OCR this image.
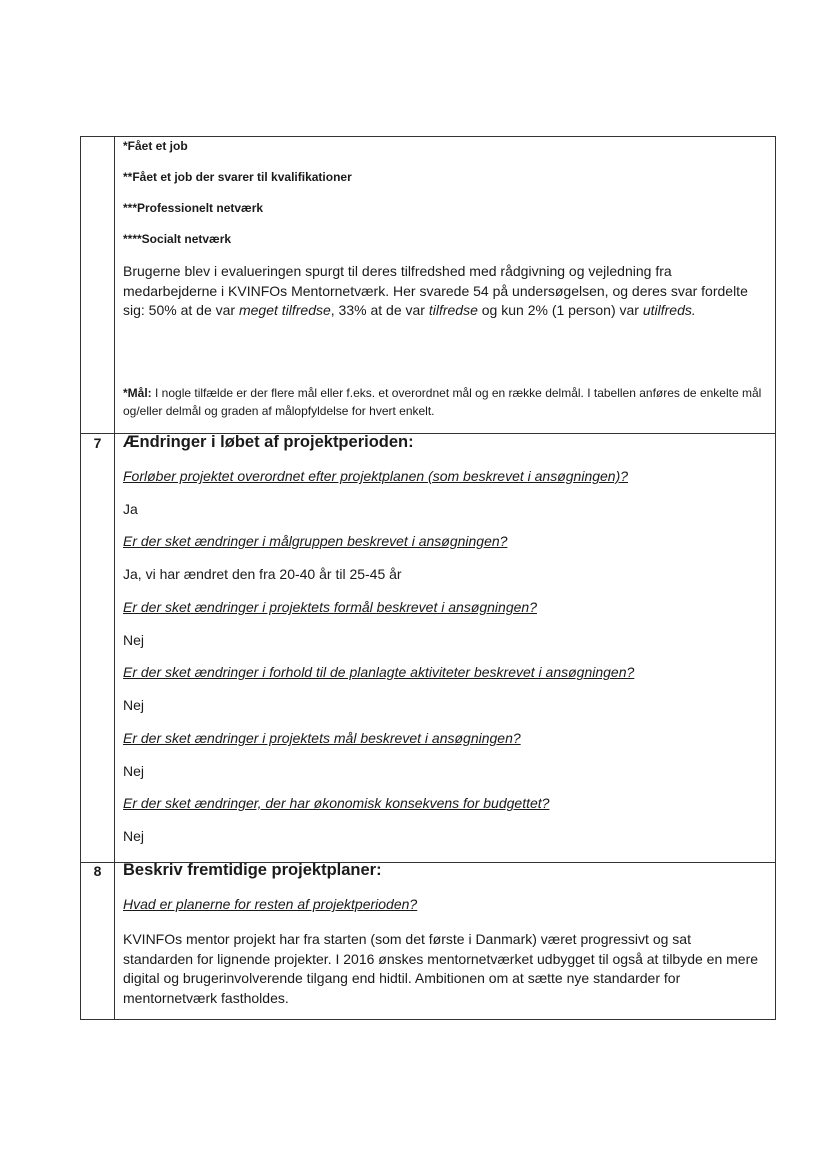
*Fået et job

**Fået et job der svarer til kvalifikationer

***Professionelt netværk

****Socialt netværk

Brugerne blev i evalueringen spurgt til deres tilfredshed med rådgivning og vejledning fra medarbejderne i KVINFOs Mentornetværk. Her svarede 54 på undersøgelsen, og deres svar fordelte sig: 50% at de var meget tilfredse, 33% at de var tilfredse og kun 2% (1 person) var utilfreds.

*Mål: I nogle tilfælde er der flere mål eller f.eks. et overordnet mål og en række delmål. I tabellen anføres de enkelte mål og/eller delmål og graden af målopfyldelse for hvert enkelt.

7	Ændringer i løbet af projektperioden:

Forløber projektet overordnet efter projektplanen (som beskrevet i ansøgningen)?

Ja

Er der sket ændringer i målgruppen beskrevet i ansøgningen?

Ja, vi har ændret den fra 20-40 år til 25-45 år

Er der sket ændringer i projektets formål beskrevet i ansøgningen?

Nej

Er der sket ændringer i forhold til de planlagte aktiviteter beskrevet i ansøgningen?

Nej

Er der sket ændringer i projektets mål beskrevet i ansøgningen?

Nej

Er der sket ændringer, der har økonomisk konsekvens for budgettet?

Nej

8	Beskriv fremtidige projektplaner:

Hvad er planerne for resten af projektperioden?

KVINFOs mentor projekt har fra starten (som det første i Danmark) været progressivt og sat standarden for lignende projekter. I 2016 ønskes mentornetværket udbygget til også at tilbyde en mere digital og brugerinvolverende tilgang end hidtil. Ambitionen om at sætte nye standarder for mentornetværk fastholdes.
